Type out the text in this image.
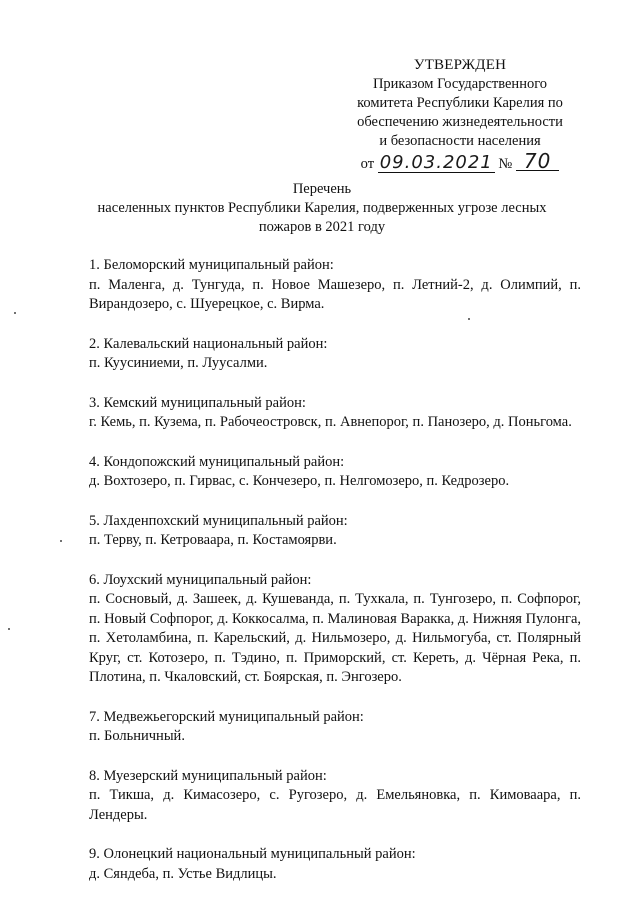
УТВЕРЖДЕН
Приказом Государственного
комитета Республики Карелия по
обеспечению жизнедеятельности
и безопасности населения
от 09.03.2021 № 70
Перечень
населенных пунктов Республики Карелия, подверженных угрозе лесных пожаров в 2021 году

1. Беломорский муниципальный район:

п. Маленга, д. Тунгуда, п. Новое Машезеро, п. Летний-2, д. Олимпий, п. Вирандозеро, с. Шуерецкое, с. Вирма.

2. Калевальский национальный район:

п. Куусиниеми, п. Луусалми.

3. Кемский муниципальный район:

г. Кемь, п. Кузема, п. Рабочеостровск, п. Авнепорог, п. Панозеро, д. Поньгома.

4. Кондопожский муниципальный район:

д. Вохтозеро, п. Гирвас, с. Кончезеро, п. Нелгомозеро, п. Кедрозеро.

5. Лахденпохский муниципальный район:

п. Терву, п. Кетроваара, п. Костамоярви.

6. Лоухский муниципальный район:

п. Сосновый, д. Зашеек, д. Кушеванда, п. Тухкала, п. Тунгозеро, п. Софпорог, п. Новый Софпорог, д. Коккосалма, п. Малиновая Варакка, д. Нижняя Пулонга, п. Хетоламбина, п. Карельский, д. Нильмозеро, д. Нильмогуба, ст. Полярный Круг, ст. Котозеро, п. Тэдино, п. Приморский, ст. Кереть, д. Чёрная Река, п. Плотина, п. Чкаловский, ст. Боярская, п. Энгозеро.

7. Медвежьегорский муниципальный район:

п. Больничный.

8. Муезерский муниципальный район:

п. Тикша, д. Кимасозеро, с. Ругозеро, д. Емельяновка, п. Кимоваара, п. Лендеры.

9. Олонецкий национальный муниципальный район:

д. Сяндеба, п. Устье Видлицы.
